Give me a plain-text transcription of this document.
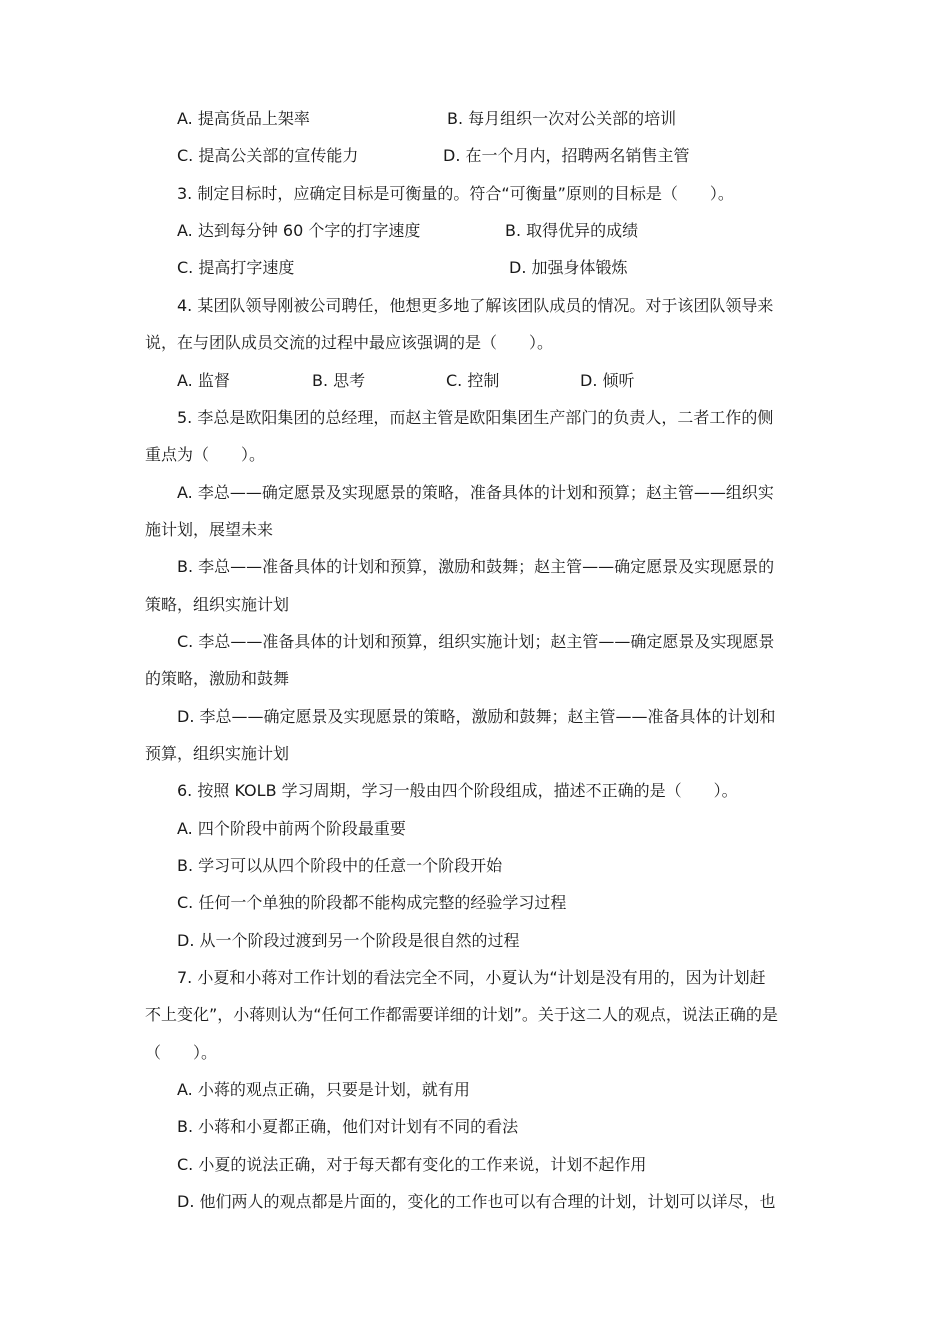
A. 提高货品上架率	B. 每月组织一次对公关部的培训
C. 提高公关部的宣传能力	D. 在一个月内，招聘两名销售主管
3. 制定目标时，应确定目标是可衡量的。符合“可衡量”原则的目标是（　　）。
A. 达到每分钟 60 个字的打字速度	B. 取得优异的成绩
C. 提高打字速度	D. 加强身体锻炼
4. 某团队领导刚被公司聘任，他想更多地了解该团队成员的情况。对于该团队领导来
说，在与团队成员交流的过程中最应该强调的是（　　）。
A. 监督	B. 思考	C. 控制	D. 倾听
5. 李总是欧阳集团的总经理，而赵主管是欧阳集团生产部门的负责人，二者工作的侧
重点为（　　）。
A. 李总——确定愿景及实现愿景的策略，准备具体的计划和预算；赵主管——组织实
施计划，展望未来
B. 李总——准备具体的计划和预算，激励和鼓舞；赵主管——确定愿景及实现愿景的
策略，组织实施计划
C. 李总——准备具体的计划和预算，组织实施计划；赵主管——确定愿景及实现愿景
的策略，激励和鼓舞
D. 李总——确定愿景及实现愿景的策略，激励和鼓舞；赵主管——准备具体的计划和
预算，组织实施计划
6. 按照 KOLB 学习周期，学习一般由四个阶段组成，描述不正确的是（　　）。
A. 四个阶段中前两个阶段最重要
B. 学习可以从四个阶段中的任意一个阶段开始
C. 任何一个单独的阶段都不能构成完整的经验学习过程
D. 从一个阶段过渡到另一个阶段是很自然的过程
7. 小夏和小蒋对工作计划的看法完全不同，小夏认为“计划是没有用的，因为计划赶
不上变化”，小蒋则认为“任何工作都需要详细的计划”。关于这二人的观点，说法正确的是
（　　）。
A. 小蒋的观点正确，只要是计划，就有用
B. 小蒋和小夏都正确，他们对计划有不同的看法
C. 小夏的说法正确，对于每天都有变化的工作来说，计划不起作用
D. 他们两人的观点都是片面的，变化的工作也可以有合理的计划，计划可以详尽，也
